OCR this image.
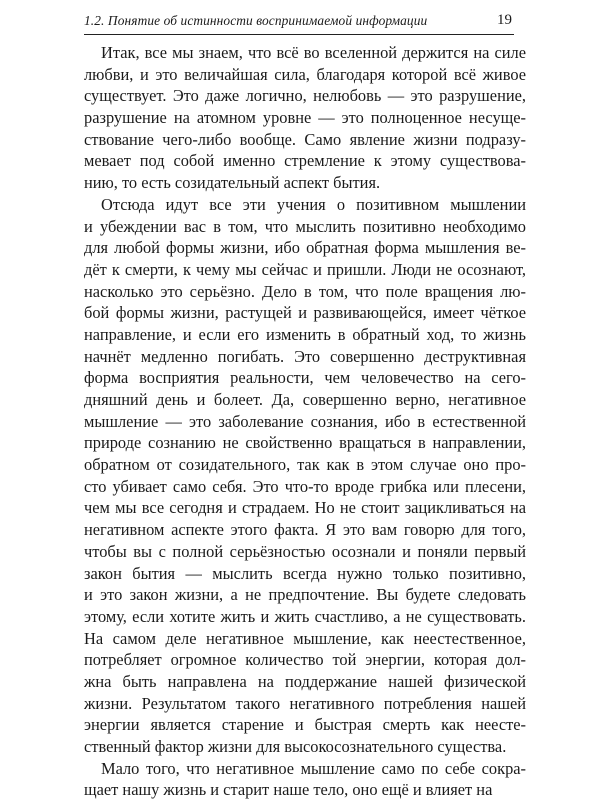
1.2. Понятие об истинности воспринимаемой информации	19
Итак, все мы знаем, что всё во вселенной держится на силе
любви, и это величайшая сила, благодаря которой всё живое
существует. Это даже логично, нелюбовь — это разрушение,
разрушение на атомном уровне — это полноценное несуще-
ствование чего-либо вообще. Само явление жизни подразу-
мевает под собой именно стремление к этому существова-
нию, то есть созидательный аспект бытия.
Отсюда идут все эти учения о позитивном мышлении
и убеждении вас в том, что мыслить позитивно необходимо
для любой формы жизни, ибо обратная форма мышления ве-
дёт к смерти, к чему мы сейчас и пришли. Люди не осознают,
насколько это серьёзно. Дело в том, что поле вращения лю-
бой формы жизни, растущей и развивающейся, имеет чёткое
направление, и если его изменить в обратный ход, то жизнь
начнёт медленно погибать. Это совершенно деструктивная
форма восприятия реальности, чем человечество на сего-
дняшний день и болеет. Да, совершенно верно, негативное
мышление — это заболевание сознания, ибо в естественной
природе сознанию не свойственно вращаться в направлении,
обратном от созидательного, так как в этом случае оно про-
сто убивает само себя. Это что-то вроде грибка или плесени,
чем мы все сегодня и страдаем. Но не стоит зацикливаться на
негативном аспекте этого факта. Я это вам говорю для того,
чтобы вы с полной серьёзностью осознали и поняли первый
закон бытия — мыслить всегда нужно только позитивно,
и это закон жизни, а не предпочтение. Вы будете следовать
этому, если хотите жить и жить счастливо, а не существовать.
На самом деле негативное мышление, как неестественное,
потребляет огромное количество той энергии, которая дол-
жна быть направлена на поддержание нашей физической
жизни. Результатом такого негативного потребления нашей
энергии является старение и быстрая смерть как неесте-
ственный фактор жизни для высокосознательного существа.
Мало того, что негативное мышление само по себе сокра-
щает нашу жизнь и старит наше тело, оно ещё и влияет на
